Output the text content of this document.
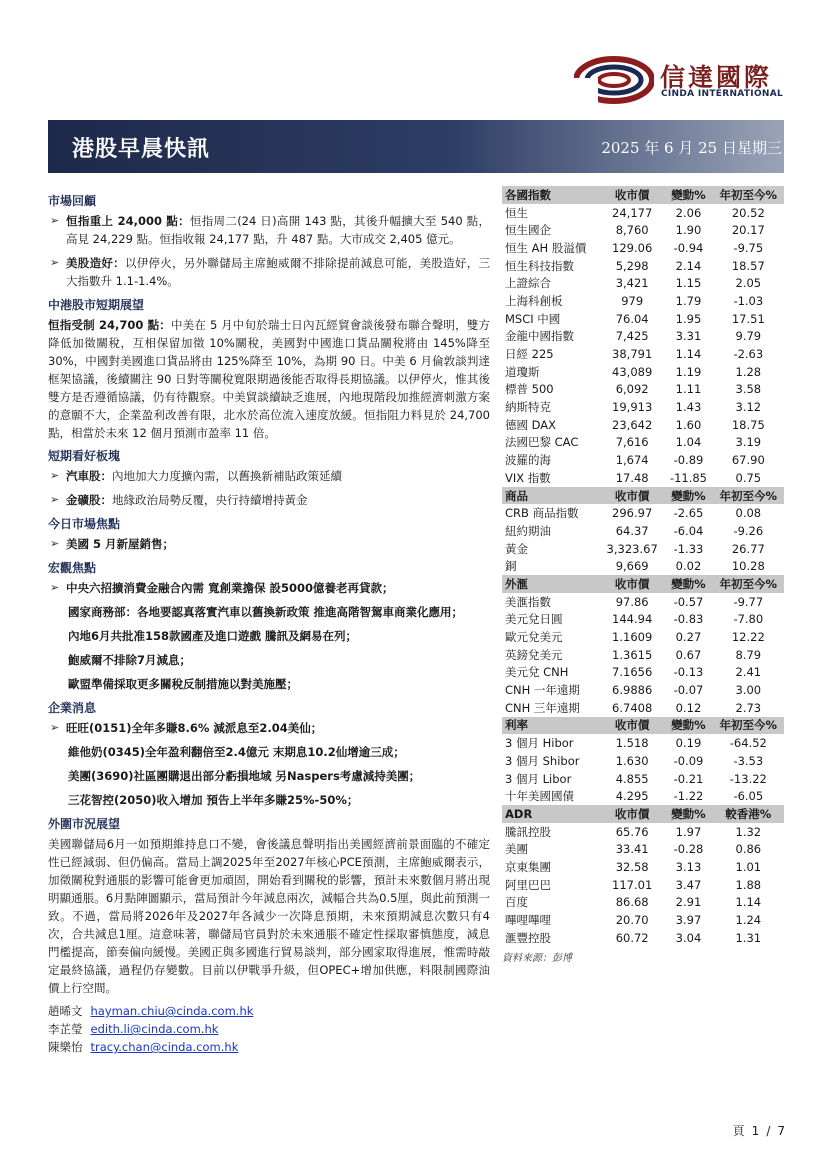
信達國際
CINDA INTERNATIONAL
港股早晨快訊	2025 年 6 月 25 日星期三
市場回顧
➢ 恒指重上 24,000 點：恒指周二(24 日)高開 143 點，其後升幅擴大至 540 點，高見 24,229 點。恒指收報 24,177 點，升 487 點。大市成交 2,405 億元。
➢ 美股造好：以伊停火，另外聯儲局主席鮑威爾不排除提前減息可能，美股造好，三大指數升 1.1-1.4%。
中港股市短期展望
恒指受制 24,700 點：中美在 5 月中旬於瑞士日內瓦經貿會談後發布聯合聲明，雙方降低加徵關稅，互相保留加徵 10%關稅，美國對中國進口貨品關稅將由 145%降至 30%，中國對美國進口貨品將由 125%降至 10%，為期 90 日。中美 6 月倫敦談判達框架協議，後續關注 90 日對等關稅寬限期過後能否取得長期協議。以伊停火，惟其後雙方是否遵循協議，仍有待觀察。中美貿談續缺乏進展，內地現階段加推經濟刺激方案的意願不大，企業盈利改善有限，北水於高位流入速度放緩。恒指阻力料見於 24,700 點，相當於未來 12 個月預測市盈率 11 倍。
短期看好板塊
➢ 汽車股：內地加大力度擴內需，以舊換新補貼政策延續
➢ 金礦股：地緣政治局勢反覆，央行持續增持黃金
今日市場焦點
➢ 美國 5 月新屋銷售；
宏觀焦點
➢ 中央六招擴消費金融合內需 寬創業擔保 設5000億養老再貸款；
國家商務部：各地要認真落實汽車以舊換新政策 推進高階智駕車商業化應用；
內地6月共批准158款國產及進口遊戲 騰訊及網易在列；
鮑威爾不排除7月減息；
歐盟準備採取更多關稅反制措施以對美施壓；
企業消息
➢ 旺旺(0151)全年多賺8.6% 減派息至2.04美仙；
維他奶(0345)全年盈利翻倍至2.4億元 末期息10.2仙增逾三成；
美團(3690)社區團購退出部分虧損地域 另Naspers考慮減持美團；
三花智控(2050)收入增加 預告上半年多賺25%-50%；
外圍市況展望
美國聯儲局6月一如預期維持息口不變，會後議息聲明指出美國經濟前景面臨的不確定性已經減弱、但仍偏高。當局上調2025年至2027年核心PCE預測，主席鮑威爾表示，加徵關稅對通脹的影響可能會更加頑固，開始看到關稅的影響，預計未來數個月將出現明顯通脹。6月點陣圖顯示，當局預計今年減息兩次，減幅合共為0.5厘，與此前預測一致。不過，當局將2026年及2027年各減少一次降息預期，未來預期減息次數只有4次，合共減息1厘。這意味著，聯儲局官員對於未來通脹不確定性採取審慎態度，減息門檻提高，節奏偏向緩慢。美國正與多國進行貿易談判，部分國家取得進展，惟需時敲定最終協議，過程仍存變數。目前以伊戰爭升級，但OPEC+增加供應，料限制國際油價上行空間。
趙晞文 hayman.chiu@cinda.com.hk
李芷瑩 edith.li@cinda.com.hk
陳樂怡 tracy.chan@cinda.com.hk
各國指數	收市價	變動%	年初至今%
恒生	24,177	2.06	20.52
恒生國企	8,760	1.90	20.17
恒生 AH 股溢價	129.06	-0.94	-9.75
恒生科技指數	5,298	2.14	18.57
上證綜合	3,421	1.15	2.05
上海科創板	979	1.79	-1.03
MSCI 中國	76.04	1.95	17.51
金龍中國指數	7,425	3.31	9.79
日經 225	38,791	1.14	-2.63
道瓊斯	43,089	1.19	1.28
標普 500	6,092	1.11	3.58
納斯特克	19,913	1.43	3.12
德國 DAX	23,642	1.60	18.75
法國巴黎 CAC	7,616	1.04	3.19
波羅的海	1,674	-0.89	67.90
VIX 指數	17.48	-11.85	0.75
商品	收市價	變動%	年初至今%
CRB 商品指數	296.97	-2.65	0.08
紐約期油	64.37	-6.04	-9.26
黃金	3,323.67	-1.33	26.77
銅	9,669	0.02	10.28
外滙	收市價	變動%	年初至今%
美滙指數	97.86	-0.57	-9.77
美元兌日圓	144.94	-0.83	-7.80
歐元兌美元	1.1609	0.27	12.22
英鎊兌美元	1.3615	0.67	8.79
美元兌 CNH	7.1656	-0.13	2.41
CNH 一年遠期	6.9886	-0.07	3.00
CNH 三年遠期	6.7408	0.12	2.73
利率	收市價	變動%	年初至今%
3 個月 Hibor	1.518	0.19	-64.52
3 個月 Shibor	1.630	-0.09	-3.53
3 個月 Libor	4.855	-0.21	-13.22
十年美國國債	4.295	-1.22	-6.05
ADR	收市價	變動%	較香港%
騰訊控股	65.76	1.97	1.32
美團	33.41	-0.28	0.86
京東集團	32.58	3.13	1.01
阿里巴巴	117.01	3.47	1.88
百度	86.68	2.91	1.14
嗶哩嗶哩	20.70	3.97	1.24
滙豐控股	60.72	3.04	1.31
資料來源：彭博
頁 1 / 7
